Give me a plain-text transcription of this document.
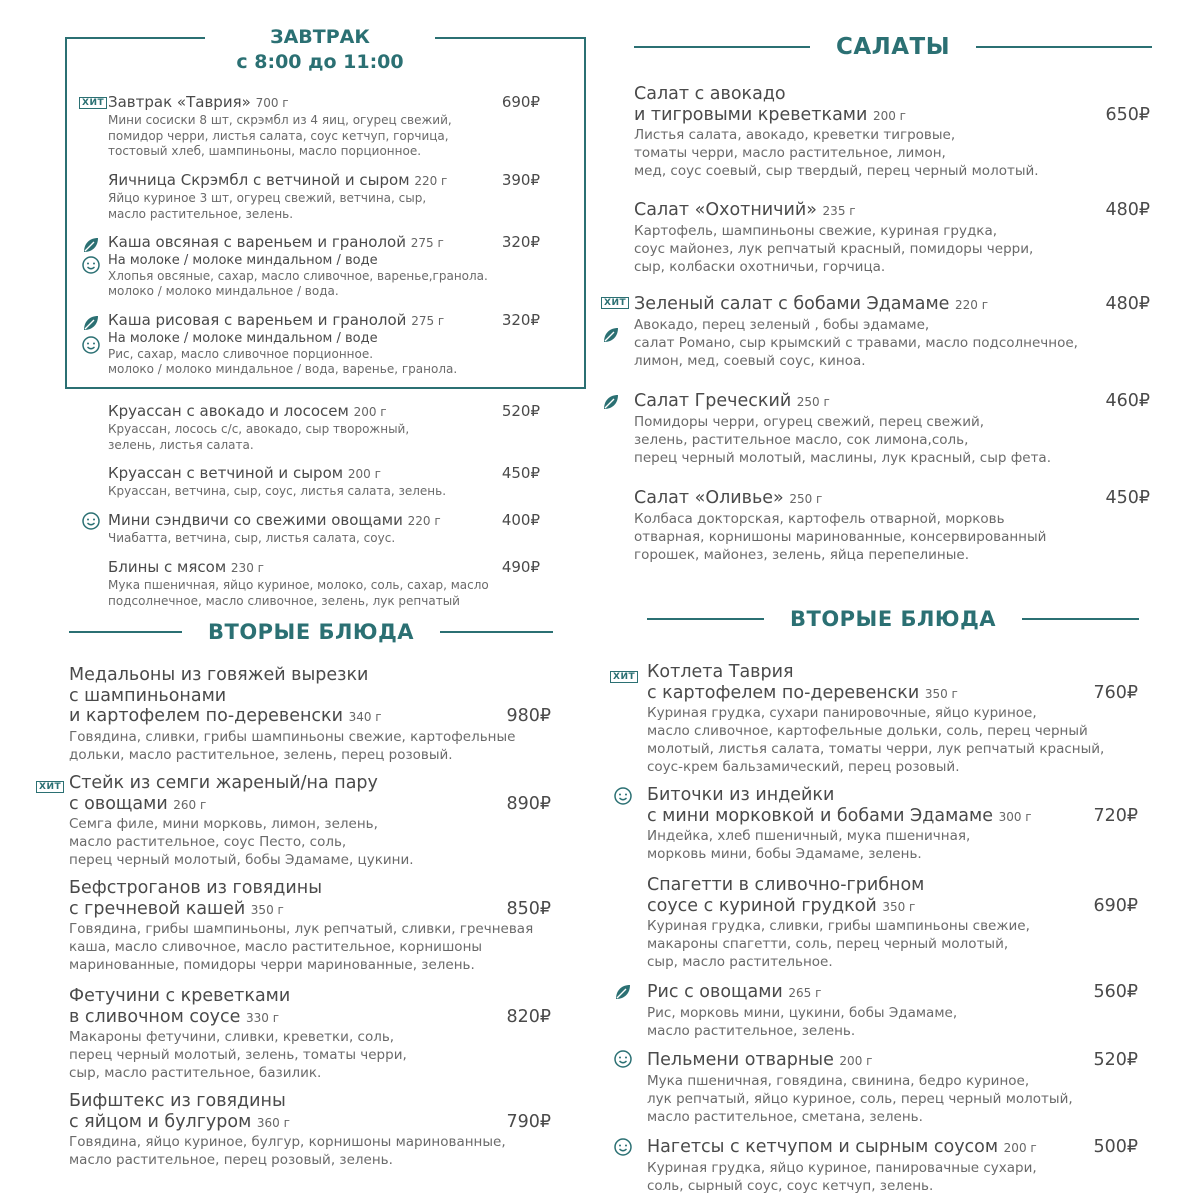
ЗАВТРАК
с 8:00 до 11:00
ХИТ Завтрак «Таврия» 700 г
Мини сосиски 8 шт, скрэмбл из 4 яиц, огурец свежий,
помидор черри, листья салата, соус кетчуп, горчица,
тостовый хлеб, шампиньоны, масло порционное.
690₽
Яичница Скрэмбл с ветчиной и сыром 220 г
Яйцо куриное 3 шт, огурец свежий, ветчина, сыр,
масло растительное, зелень.
390₽
Каша овсяная с вареньем и гранолой 275 г
На молоке / молоке миндальном / воде
Хлопья овсяные, сахар, масло сливочное, варенье,гранола.
молоко / молоко миндальное / вода.
320₽
Каша рисовая с вареньем и гранолой 275 г
На молоке / молоке миндальном / воде
Рис, сахар, масло сливочное порционное.
молоко / молоко миндальное / вода, варенье, гранола.
320₽
Круассан с авокадо и лососем 200 г
Круассан, лосось с/с, авокадо, сыр творожный,
зелень, листья салата.
520₽
Круассан с ветчиной и сыром 200 г
Круассан, ветчина, сыр, соус, листья салата, зелень.
450₽
Мини сэндвичи со свежими овощами 220 г
Чиабатта, ветчина, сыр, листья салата, соус.
400₽
Блины с мясом 230 г
Мука пшеничная, яйцо куриное, молоко, соль, сахар, масло
подсолнечное, масло сливочное, зелень, лук репчатый
490₽
САЛАТЫ
Салат с авокадо
и тигровыми креветками 200 г
Листья салата, авокадо, креветки тигровые,
томаты черри, масло растительное, лимон,
мед, соус соевый, сыр твердый, перец черный молотый.
650₽
Салат «Охотничий» 235 г
Картофель, шампиньоны свежие, куриная грудка,
соус майонез, лук репчатый красный, помидоры черри,
сыр, колбаски охотничьи, горчица.
480₽
ХИТ Зеленый салат с бобами Эдамаме 220 г
Авокадо, перец зеленый , бобы эдамаме,
салат Романо, сыр крымский с травами, масло подсолнечное,
лимон, мед, соевый соус, киноа.
480₽
Салат Греческий 250 г
Помидоры черри, огурец свежий, перец свежий,
зелень, растительное масло, сок лимона,соль,
перец черный молотый, маслины, лук красный, сыр фета.
460₽
Салат «Оливье» 250 г
Колбаса докторская, картофель отварной, морковь
отварная, корнишоны маринованные, консервированный
горошек, майонез, зелень, яйца перепелиные.
450₽
ВТОРЫЕ БЛЮДА
Медальоны из говяжей вырезки
с шампиньонами
и картофелем по-деревенски 340 г
Говядина, сливки, грибы шампиньоны свежие, картофельные
дольки, масло растительное, зелень, перец розовый.
980₽
ХИТ Стейк из семги жареный/на пару
с овощами 260 г
Семга филе, мини морковь, лимон, зелень,
масло растительное, соус Песто, соль,
перец черный молотый, бобы Эдамаме, цукини.
890₽
Бефстроганов из говядины
с гречневой кашей 350 г
Говядина, грибы шампиньоны, лук репчатый, сливки, гречневая
каша, масло сливочное, масло растительное, корнишоны
маринованные, помидоры черри маринованные, зелень.
850₽
Фетучини с креветками
в сливочном соусе 330 г
Макароны фетучини, сливки, креветки, соль,
перец черный молотый, зелень, томаты черри,
сыр, масло растительное, базилик.
820₽
Бифштекс из говядины
с яйцом и булгуром 360 г
Говядина, яйцо куриное, булгур, корнишоны маринованные,
масло растительное, перец розовый, зелень.
790₽
ВТОРЫЕ БЛЮДА
ХИТ Котлета Таврия
с картофелем по-деревенски 350 г
Куриная грудка, сухари панировочные, яйцо куриное,
масло сливочное, картофельные дольки, соль, перец черный
молотый, листья салата, томаты черри, лук репчатый красный,
соус-крем бальзамический, перец розовый.
760₽
Биточки из индейки
с мини морковкой и бобами Эдамаме 300 г
Индейка, хлеб пшеничный, мука пшеничная,
морковь мини, бобы Эдамаме, зелень.
720₽
Спагетти в сливочно-грибном
соусе с куриной грудкой 350 г
Куриная грудка, сливки, грибы шампиньоны свежие,
макароны спагетти, соль, перец черный молотый,
сыр, масло растительное.
690₽
Рис с овощами 265 г
Рис, морковь мини, цукини, бобы Эдамаме,
масло растительное, зелень.
560₽
Пельмени отварные 200 г
Мука пшеничная, говядина, свинина, бедро куриное,
лук репчатый, яйцо куриное, соль, перец черный молотый,
масло растительное, сметана, зелень.
520₽
Нагетсы с кетчупом и сырным соусом 200 г
Куриная грудка, яйцо куриное, панировачные сухари,
соль, сырный соус, соус кетчуп, зелень.
500₽
